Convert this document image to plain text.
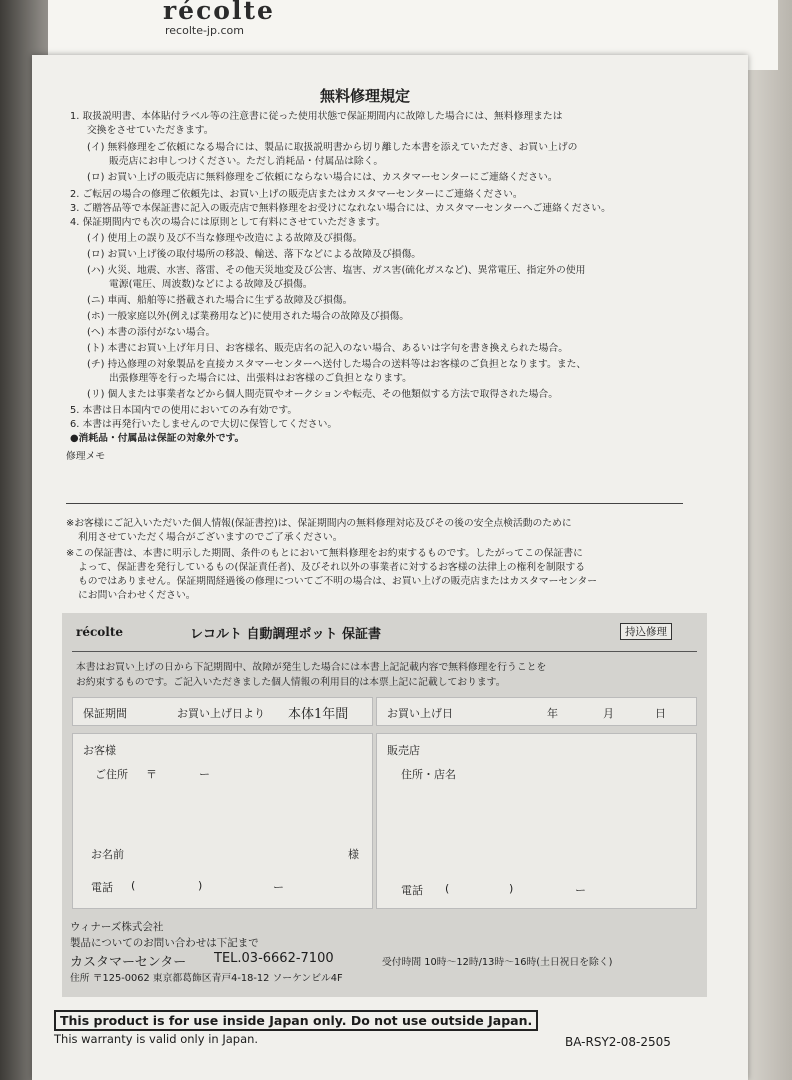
récolte
recolte-jp.com
無料修理規定
1. 取扱説明書、本体貼付ラベル等の注意書に従った使用状態で保証期間内に故障した場合には、無料修理または
交換をさせていただきます。
(イ) 無料修理をご依頼になる場合には、製品に取扱説明書から切り離した本書を添えていただき、お買い上げの
販売店にお申しつけください。ただし消耗品・付属品は除く。
(ロ) お買い上げの販売店に無料修理をご依頼にならない場合には、カスタマーセンターにご連絡ください。
2. ご転居の場合の修理ご依頼先は、お買い上げの販売店またはカスタマーセンターにご連絡ください。
3. ご贈答品等で本保証書に記入の販売店で無料修理をお受けになれない場合には、カスタマーセンターへご連絡ください。
4. 保証期間内でも次の場合には原則として有料にさせていただきます。
(イ) 使用上の誤り及び不当な修理や改造による故障及び損傷。
(ロ) お買い上げ後の取付場所の移設、輸送、落下などによる故障及び損傷。
(ハ) 火災、地震、水害、落雷、その他天災地変及び公害、塩害、ガス害(硫化ガスなど)、異常電圧、指定外の使用
電源(電圧、周波数)などによる故障及び損傷。
(ニ) 車両、船舶等に搭載された場合に生ずる故障及び損傷。
(ホ) 一般家庭以外(例えば業務用など)に使用された場合の故障及び損傷。
(ヘ) 本書の添付がない場合。
(ト) 本書にお買い上げ年月日、お客様名、販売店名の記入のない場合、あるいは字句を書き換えられた場合。
(チ) 持込修理の対象製品を直接カスタマーセンターへ送付した場合の送料等はお客様のご負担となります。また、
出張修理等を行った場合には、出張料はお客様のご負担となります。
(リ) 個人または事業者などから個人間売買やオークションや転売、その他類似する方法で取得された場合。
5. 本書は日本国内での使用においてのみ有効です。
6. 本書は再発行いたしませんので大切に保管してください。
●消耗品・付属品は保証の対象外です。
修理メモ
※お客様にご記入いただいた個人情報(保証書控)は、保証期間内の無料修理対応及びその後の安全点検活動のために
利用させていただく場合がございますのでご了承ください。
※この保証書は、本書に明示した期間、条件のもとにおいて無料修理をお約束するものです。したがってこの保証書に
よって、保証書を発行しているもの(保証責任者)、及びそれ以外の事業者に対するお客様の法律上の権利を制限する
ものではありません。保証期間経過後の修理についてご不明の場合は、お買い上げの販売店またはカスタマーセンター
にお問い合わせください。
récolte	レコルト 自動調理ポット 保証書	持込修理
本書はお買い上げの日から下記期間中、故障が発生した場合には本書上記記載内容で無料修理を行うことを
お約束するものです。ご記入いただきました個人情報の利用目的は本票上記に記載しております。
保証期間	お買い上げ日より 本体1年間	お買い上げ日	年	月	日
お客様
ご住所 〒	ー
お名前	様
電話 (	)	ー
販売店
住所・店名
電話 (	)	ー
ウィナーズ株式会社
製品についてのお問い合わせは下記まで
カスタマーセンター TEL.03-6662-7100	受付時間 10時〜12時/13時〜16時(土日祝日を除く)
住所 〒125-0062 東京都葛飾区青戸4-18-12 ソーケンビル4F
This product is for use inside Japan only. Do not use outside Japan.
This warranty is valid only in Japan.	BA-RSY2-08-2505
